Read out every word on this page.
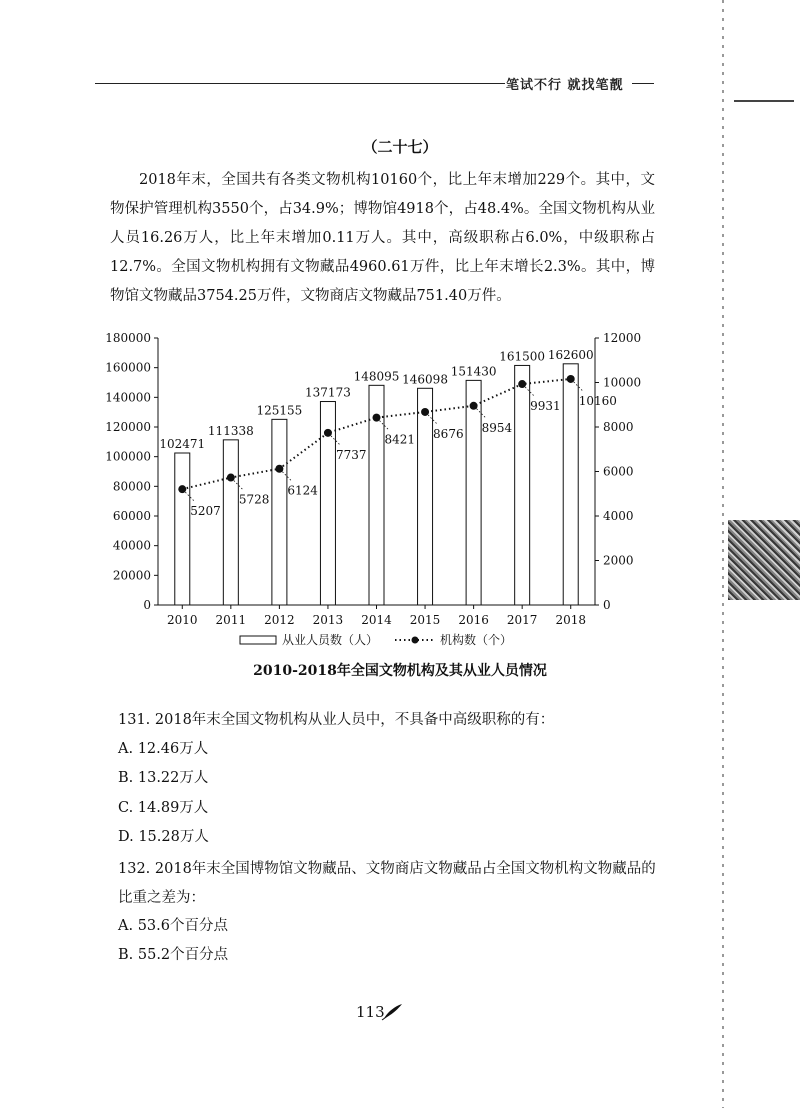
笔试不行 就找笔靓
（二十七）
2018年末，全国共有各类文物机构10160个，比上年末增加229个。其中，文物保护管理机构3550个，占34.9%；博物馆4918个，占48.4%。全国文物机构从业人员16.26万人，比上年末增加0.11万人。其中，高级职称占6.0%，中级职称占12.7%。全国文物机构拥有文物藏品4960.61万件，比上年末增长2.3%。其中，博物馆文物藏品3754.25万件，文物商店文物藏品751.40万件。
0
20000
40000
60000
80000
100000
120000
140000
160000
180000
0
2000
4000
6000
8000
10000
12000
102471
111338
125155
137173
148095 146098
151430
161500 162600
2010 2011 2012 2013 2014 2015 2016 2017 2018
5207
5728
6124
7737
8421 8676 8954
9931 10160
从业人员数（人）	机构数（个）
2010-2018年全国文物机构及其从业人员情况
131. 2018年末全国文物机构从业人员中，不具备中高级职称的有：
A. 12.46万人
B. 13.22万人
C. 14.89万人
D. 15.28万人
132. 2018年末全国博物馆文物藏品、文物商店文物藏品占全国文物机构文物藏品的比重之差为：
A. 53.6个百分点
B. 55.2个百分点
113
